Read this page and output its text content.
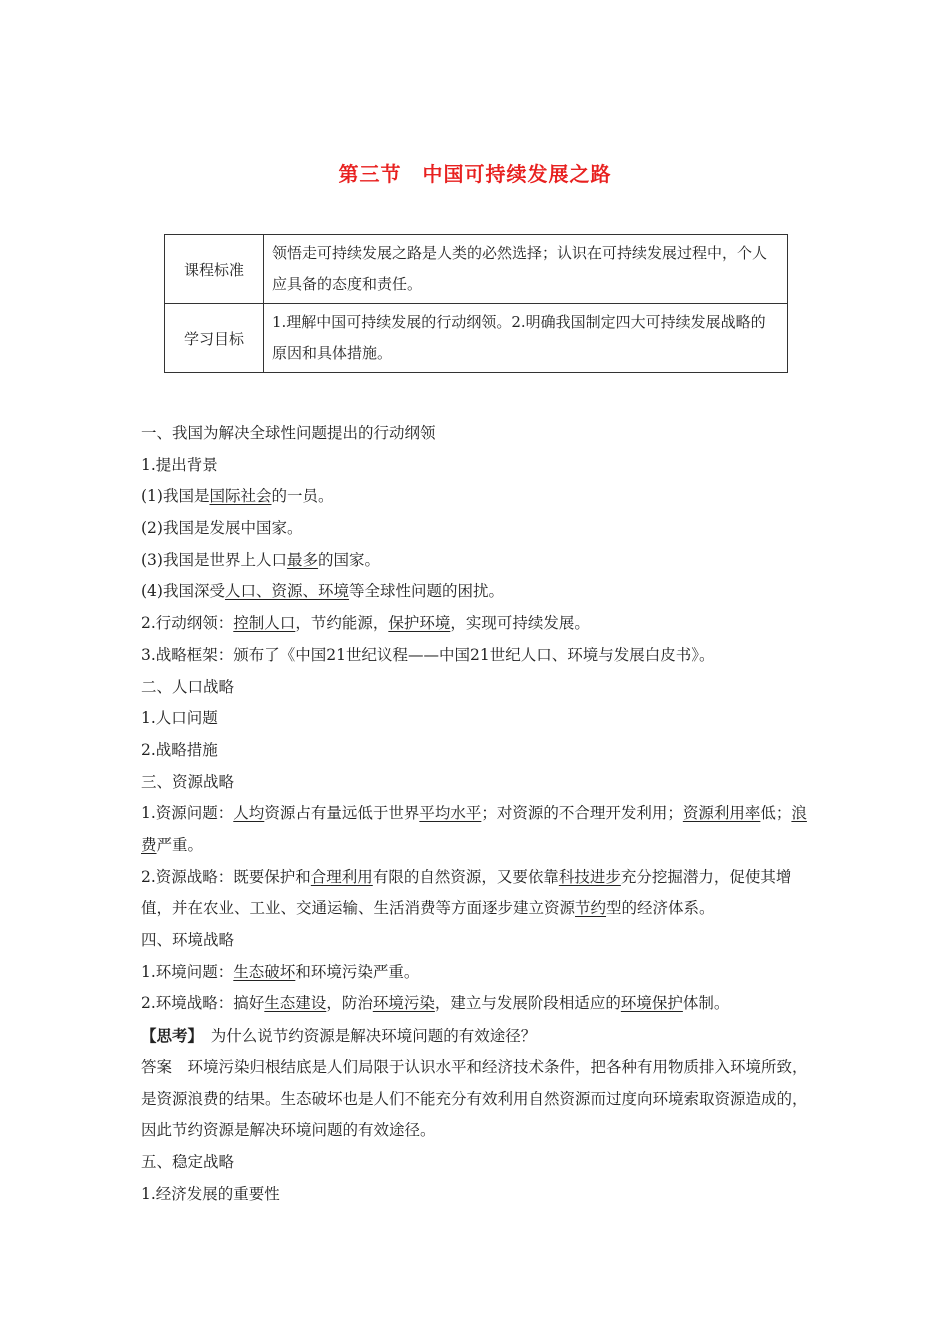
第三节　中国可持续发展之路
课程标准	领悟走可持续发展之路是人类的必然选择；认识在可持续发展过程中，个人应具备的态度和责任。
学习目标	1.理解中国可持续发展的行动纲领。2.明确我国制定四大可持续发展战略的原因和具体措施。
一、我国为解决全球性问题提出的行动纲领
1.提出背景
(1)我国是国际社会的一员。
(2)我国是发展中国家。
(3)我国是世界上人口最多的国家。
(4)我国深受人口、资源、环境等全球性问题的困扰。
2.行动纲领：控制人口，节约能源，保护环境，实现可持续发展。
3.战略框架：颁布了《中国21世纪议程——中国21世纪人口、环境与发展白皮书》。
二、人口战略
1.人口问题
2.战略措施
三、资源战略
1.资源问题：人均资源占有量远低于世界平均水平；对资源的不合理开发利用；资源利用率低；浪费严重。
2.资源战略：既要保护和合理利用有限的自然资源，又要依靠科技进步充分挖掘潜力，促使其增值，并在农业、工业、交通运输、生活消费等方面逐步建立资源节约型的经济体系。
四、环境战略
1.环境问题：生态破坏和环境污染严重。
2.环境战略：搞好生态建设，防治环境污染，建立与发展阶段相适应的环境保护体制。
【思考】　为什么说节约资源是解决环境问题的有效途径？
答案　环境污染归根结底是人们局限于认识水平和经济技术条件，把各种有用物质排入环境所致，是资源浪费的结果。生态破坏也是人们不能充分有效利用自然资源而过度向环境索取资源造成的，因此节约资源是解决环境问题的有效途径。
五、稳定战略
1.经济发展的重要性
